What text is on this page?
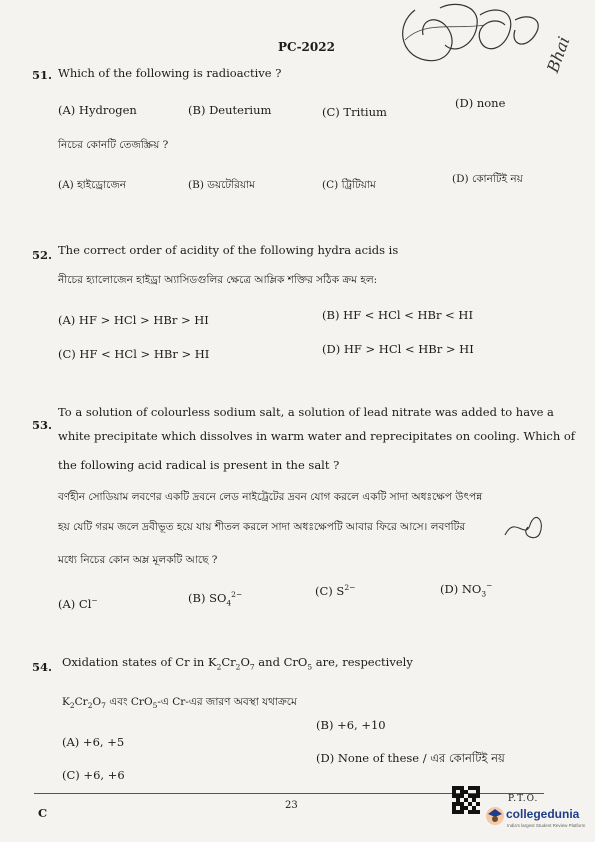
Bhai
PC-2022
51. Which of the following is radioactive ?
(A) Hydrogen	(B) Deuterium	(C) Tritium
(D) none
নিচের কোনটি তেজস্ক্রিয় ?
(A) হাইড্রোজেন	(B) ডয়টেরিয়াম	(C) ট্রিটিয়াম	(D) কোনটিই নয়
52. The correct order of acidity of the following hydra acids is
নীচের হ্যালোজেন হাইড্রা অ্যাসিডগুলির ক্ষেত্রে আম্লিক শক্তির সঠিক ক্রম হল:
(A) HF > HCl > HBr > HI	(B) HF < HCl < HBr < HI
(C) HF < HCl > HBr > HI	(D) HF > HCl < HBr > HI
53.
To a solution of colourless sodium salt, a solution of lead nitrate was added to have a
white precipitate which dissolves in warm water and reprecipitates on cooling. Which of
the following acid radical is present in the salt ?
বর্ণহীন সোডিয়াম লবণের একটি দ্রবনে লেড নাইট্রেটের দ্রবন যোগ করলে একটি সাদা অধঃক্ষেপ উৎপন্ন
হয় যেটি গরম জলে দ্রবীভূত হয়ে যায় শীতল করলে সাদা অধঃক্ষেপটি আবার ফিরে আসে। লবণটির
মধ্যে নিচের কোন অম্ল মূলকটি আছে ?
(A) Cl−	(B) $SO_4^{2-}$	(C) $S^{2-}$	(D) $NO_3^-$
54. Oxidation states of Cr in $K_2Cr_2O_7$ and CrO$_5$ are, respectively
$K_2Cr_2O_7$ এবং CrO$_5$-এ Cr-এর জারণ অবস্থা যথাক্রমে
(A) +6, +5
(B) +6, +10
(C) +6, +6
(D) None of these / এর কোনটিই নয়
C
23
P.T.O.
collegedunia
India's largest Student Review Platform
